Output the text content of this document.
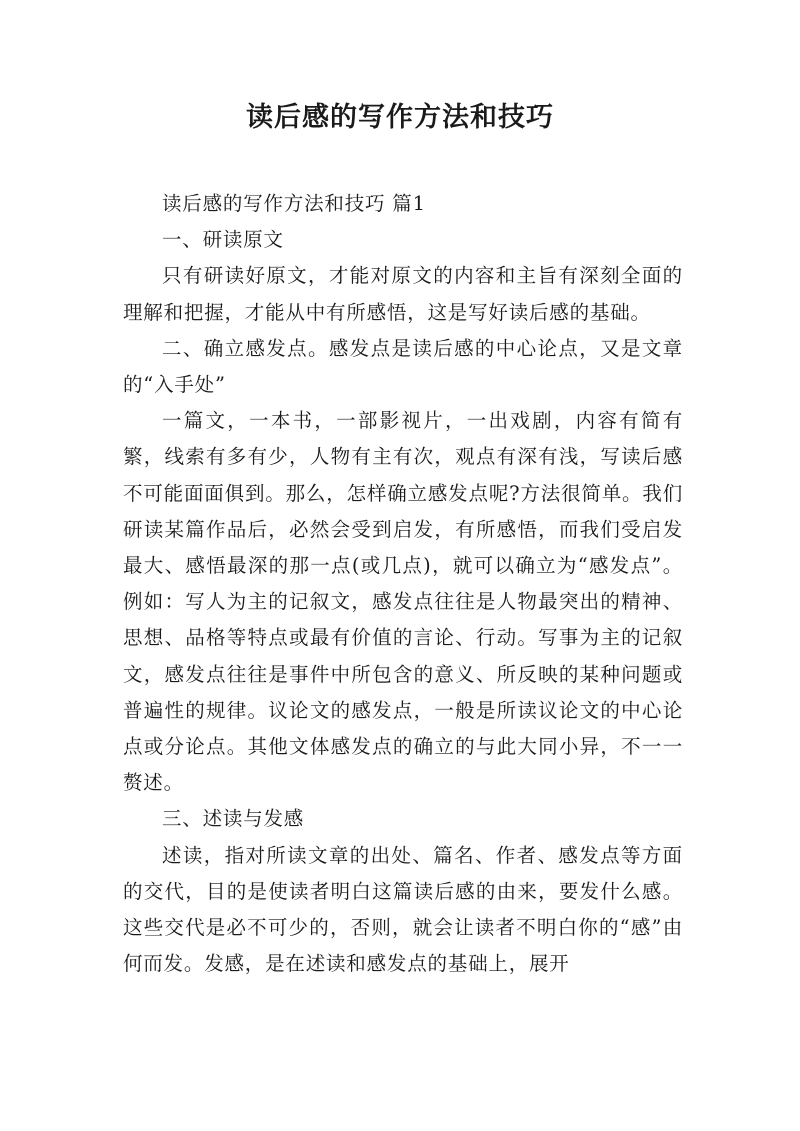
读后感的写作方法和技巧

读后感的写作方法和技巧 篇1

一、研读原文

只有研读好原文，才能对原文的内容和主旨有深刻全面的理解和把握，才能从中有所感悟，这是写好读后感的基础。

二、确立感发点。感发点是读后感的中心论点，又是文章的“入手处”

一篇文，一本书，一部影视片，一出戏剧，内容有简有繁，线索有多有少，人物有主有次，观点有深有浅，写读后感不可能面面俱到。那么，怎样确立感发点呢?方法很简单。我们研读某篇作品后，必然会受到启发，有所感悟，而我们受启发最大、感悟最深的那一点(或几点)，就可以确立为“感发点”。例如：写人为主的记叙文，感发点往往是人物最突出的精神、思想、品格等特点或最有价值的言论、行动。写事为主的记叙文，感发点往往是事件中所包含的意义、所反映的某种问题或普遍性的规律。议论文的感发点，一般是所读议论文的中心论点或分论点。其他文体感发点的确立的与此大同小异，不一一赘述。

三、述读与发感

述读，指对所读文章的出处、篇名、作者、感发点等方面的交代，目的是使读者明白这篇读后感的由来，要发什么感。这些交代是必不可少的，否则，就会让读者不明白你的“感”由何而发。发感，是在述读和感发点的基础上，展开
